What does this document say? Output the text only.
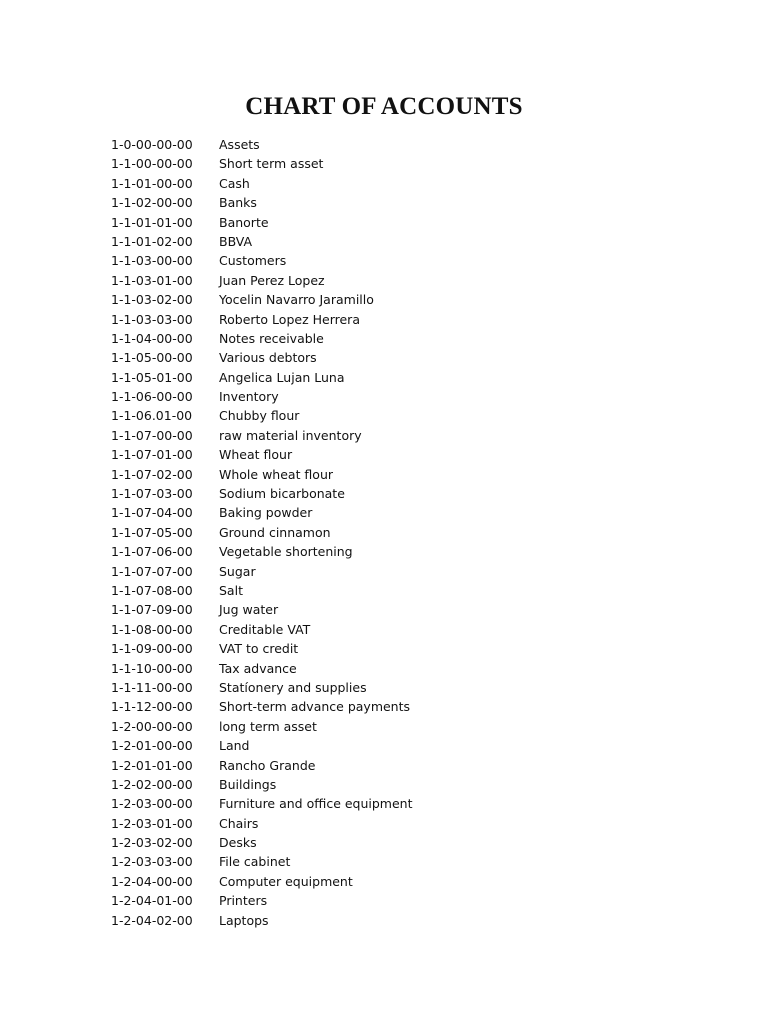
CHART OF ACCOUNTS
1-0-00-00-00	Assets
1-1-00-00-00	Short term asset
1-1-01-00-00	Cash
1-1-02-00-00	Banks
1-1-01-01-00	Banorte
1-1-01-02-00	BBVA
1-1-03-00-00	Customers
1-1-03-01-00	Juan Perez Lopez
1-1-03-02-00	Yocelin Navarro Jaramillo
1-1-03-03-00	Roberto Lopez Herrera
1-1-04-00-00	Notes receivable
1-1-05-00-00	Various debtors
1-1-05-01-00	Angelica Lujan Luna
1-1-06-00-00	Inventory
1-1-06.01-00	Chubby flour
1-1-07-00-00	raw material inventory
1-1-07-01-00	Wheat flour
1-1-07-02-00	Whole wheat flour
1-1-07-03-00	Sodium bicarbonate
1-1-07-04-00	Baking powder
1-1-07-05-00	Ground cinnamon
1-1-07-06-00	Vegetable shortening
1-1-07-07-00	Sugar
1-1-07-08-00	Salt
1-1-07-09-00	Jug water
1-1-08-00-00	Creditable VAT
1-1-09-00-00	VAT to credit
1-1-10-00-00	Tax advance
1-1-11-00-00	Statíonery and supplies
1-1-12-00-00	Short-term advance payments
1-2-00-00-00	long term asset
1-2-01-00-00	Land
1-2-01-01-00	Rancho Grande
1-2-02-00-00	Buildings
1-2-03-00-00	Furniture and office equipment
1-2-03-01-00	Chairs
1-2-03-02-00	Desks
1-2-03-03-00	File cabinet
1-2-04-00-00	Computer equipment
1-2-04-01-00	Printers
1-2-04-02-00	Laptops
